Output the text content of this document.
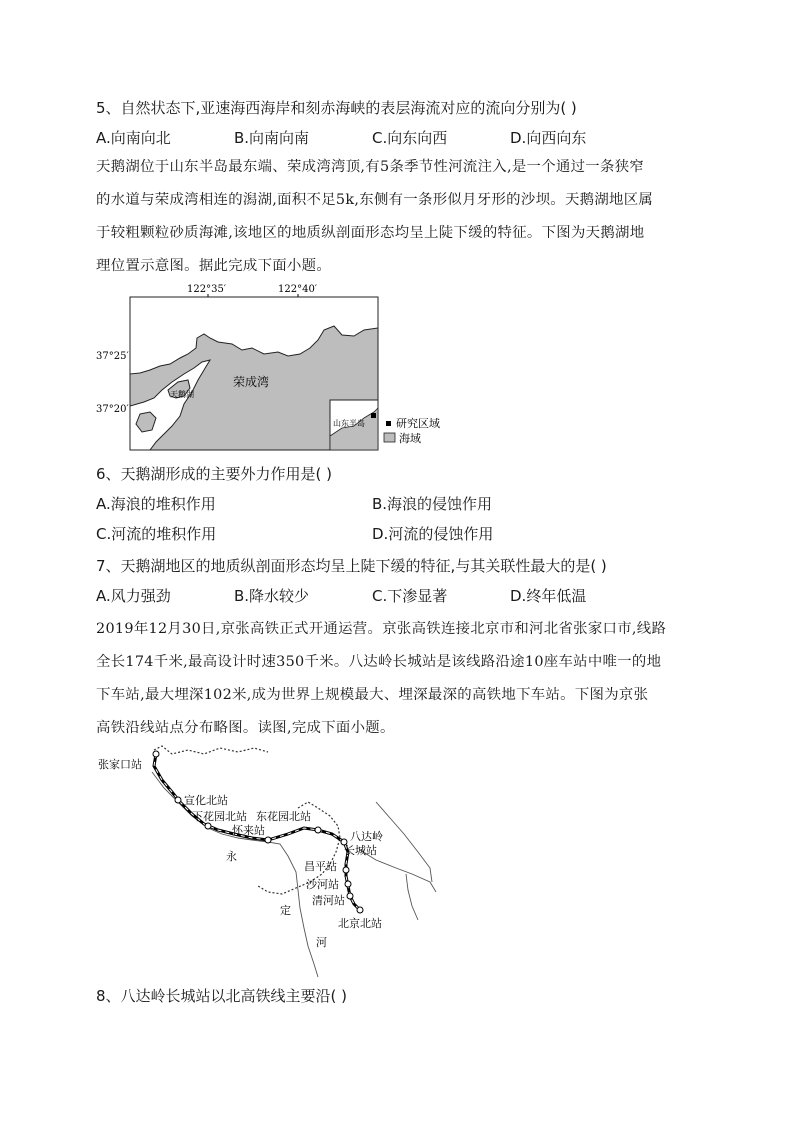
5、自然状态下,亚速海西海岸和刻赤海峡的表层海流对应的流向分别为( )
A.向南向北	B.向南向南	C.向东向西	D.向西向东
天鹅湖位于山东半岛最东端、荣成湾湾顶,有5条季节性河流注入,是一个通过一条狭窄
的水道与荣成湾相连的潟湖,面积不足5k,东侧有一条形似月牙形的沙坝。天鹅湖地区属
于较粗颗粒砂质海滩,该地区的地质纵剖面形态均呈上陡下缓的特征。下图为天鹅湖地
理位置示意图。据此完成下面小题。
122°35′	122°40′
37°25′
37°20′
天鹅湖
荣成湾
山东半岛	研究区域
海域
6、天鹅湖形成的主要外力作用是( )
A.海浪的堆积作用	B.海浪的侵蚀作用
C.河流的堆积作用	D.河流的侵蚀作用
7、天鹅湖地区的地质纵剖面形态均呈上陡下缓的特征,与其关联性最大的是( )
A.风力强劲	B.降水较少	C.下渗显著	D.终年低温
2019年12月30日,京张高铁正式开通运营。京张高铁连接北京市和河北省张家口市,线路
全长174千米,最高设计时速350千米。八达岭长城站是该线路沿途10座车站中唯一的地
下车站,最大埋深102米,成为世界上规模最大、埋深最深的高铁地下车站。下图为京张
高铁沿线站点分布略图。读图,完成下面小题。
张家口站
宣化北站
下花园北站
怀来站
东花园北站
八达岭
长城站
昌平站
沙河站
清河站
北京北站
永
定
河
8、八达岭长城站以北高铁线主要沿( )
